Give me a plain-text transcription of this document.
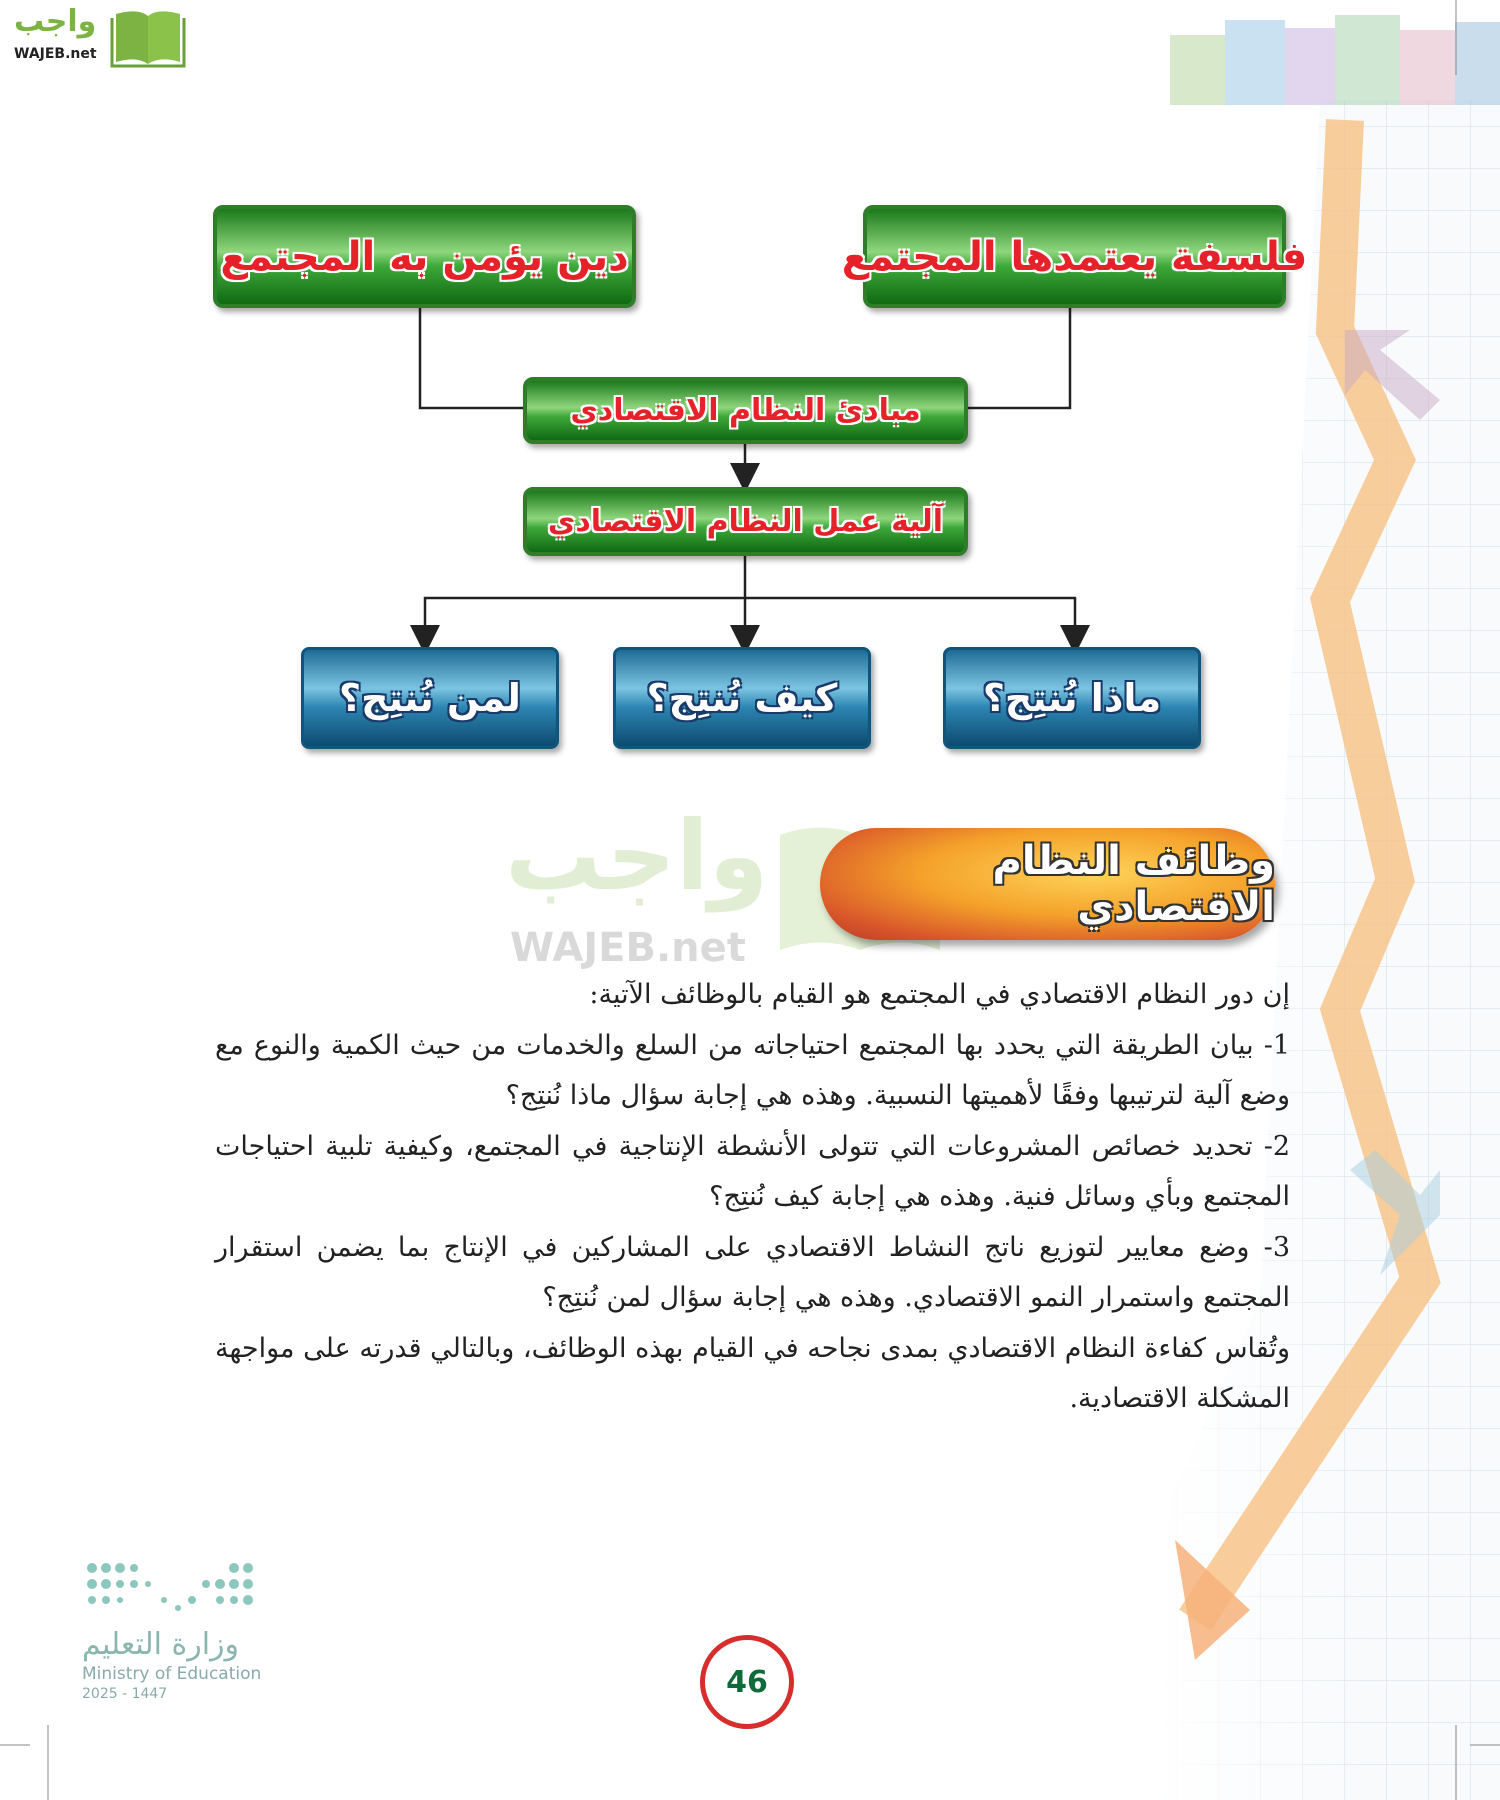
واجب
WAJEB.net
فلسفة يعتمدها المجتمع
دين يؤمن به المجتمع
مبادئ النظام الاقتصادي
آلية عمل النظام الاقتصادي
ماذا نُنتِج؟
كيف نُنتِج؟
لمن نُنتِج؟
واجب
WAJEB.net
وظائف النظام الاقتصادي

إن دور النظام الاقتصادي في المجتمع هو القيام بالوظائف الآتية:

1- بيان الطريقة التي يحدد بها المجتمع احتياجاته من السلع والخدمات من حيث الكمية والنوع مع وضع آلية لترتيبها وفقًا لأهميتها النسبية. وهذه هي إجابة سؤال ماذا نُنتِج؟

2- تحديد خصائص المشروعات التي تتولى الأنشطة الإنتاجية في المجتمع، وكيفية تلبية احتياجات المجتمع وبأي وسائل فنية. وهذه هي إجابة كيف نُنتِج؟

3- وضع معايير لتوزيع ناتج النشاط الاقتصادي على المشاركين في الإنتاج بما يضمن استقرار المجتمع واستمرار النمو الاقتصادي. وهذه هي إجابة سؤال لمن نُنتِج؟

وتُقاس كفاءة النظام الاقتصادي بمدى نجاحه في القيام بهذه الوظائف، وبالتالي قدرته على مواجهة المشكلة الاقتصادية.

وزارة التعليم
Ministry of Education
2025 - 1447	46
